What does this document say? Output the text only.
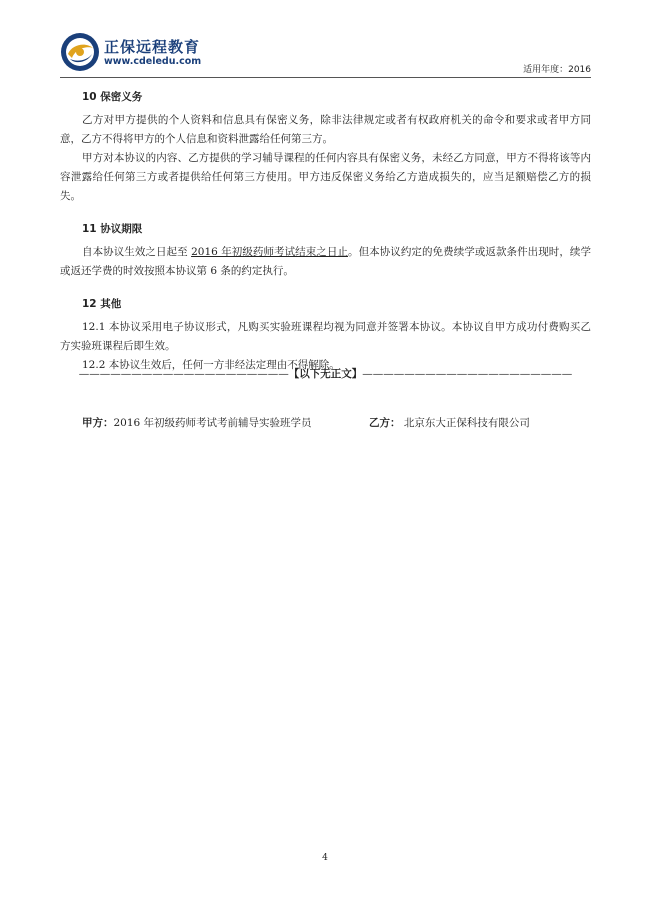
正保远程教育
www.cdeledu.com
适用年度：2016
10 保密义务

乙方对甲方提供的个人资料和信息具有保密义务，除非法律规定或者有权政府机关的命令和要求或者甲方同意，乙方不得将甲方的个人信息和资料泄露给任何第三方。

甲方对本协议的内容、乙方提供的学习辅导课程的任何内容具有保密义务，未经乙方同意，甲方不得将该等内容泄露给任何第三方或者提供给任何第三方使用。甲方违反保密义务给乙方造成损失的，应当足额赔偿乙方的损失。

11 协议期限

自本协议生效之日起至 2016 年初级药师考试结束之日止。但本协议约定的免费续学或返款条件出现时，续学或返还学费的时效按照本协议第 6 条的约定执行。

12 其他

12.1 本协议采用电子协议形式，凡购买实验班课程均视为同意并签署本协议。本协议自甲方成功付费购买乙方实验班课程后即生效。

12.2 本协议生效后，任何一方非经法定理由不得解除。

————————————————————【以下无正文】————————————————————
甲方：2016 年初级药师考试考前辅导实验班学员	乙方： 北京东大正保科技有限公司
4
